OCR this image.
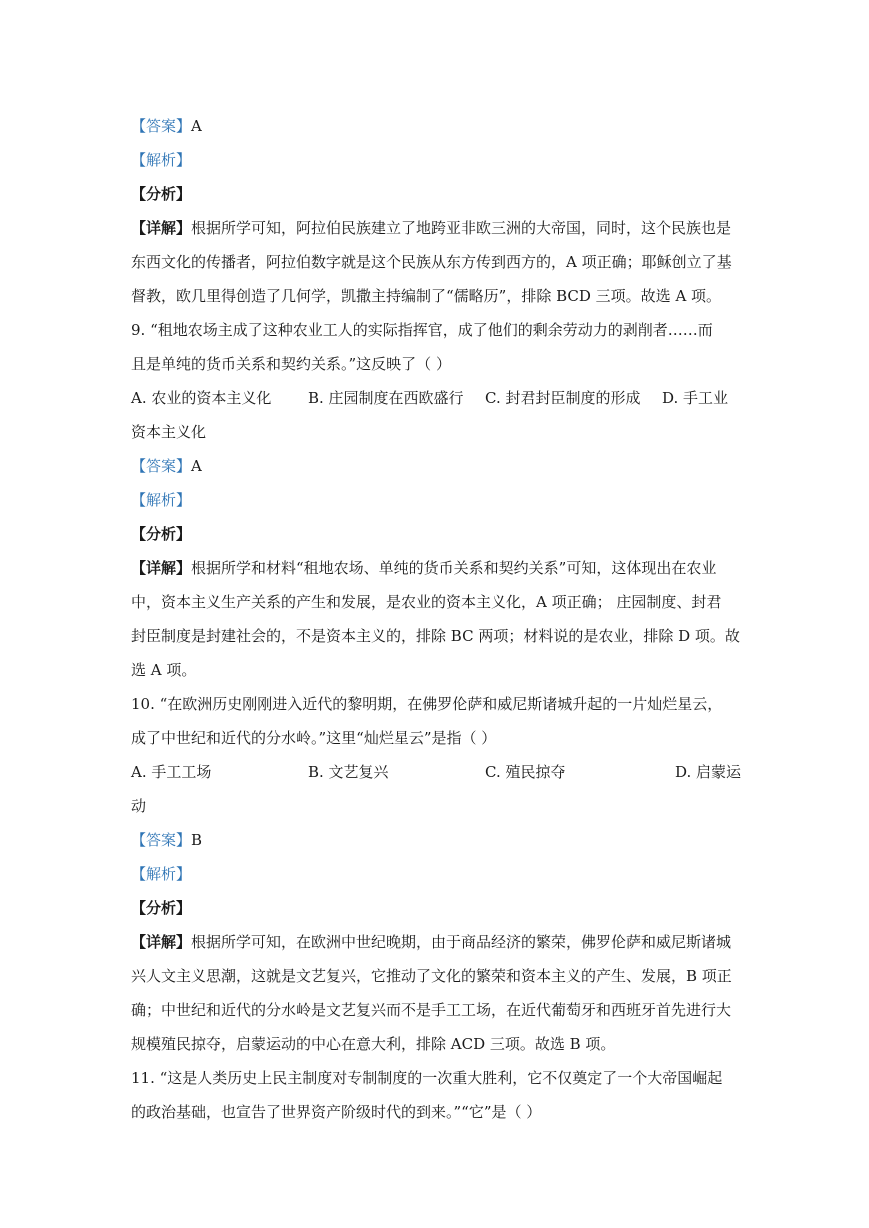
【答案】A
【解析】
【分析】
【详解】根据所学可知，阿拉伯民族建立了地跨亚非欧三洲的大帝国，同时，这个民族也是
东西文化的传播者，阿拉伯数字就是这个民族从东方传到西方的，A 项正确；耶稣创立了基
督教，欧几里得创造了几何学，凯撒主持编制了“儒略历”，排除 BCD 三项。故选 A 项。
9. “租地农场主成了这种农业工人的实际指挥官，成了他们的剩余劳动力的剥削者……而
且是单纯的货币关系和契约关系。”这反映了（ ）
A. 农业的资本主义化	B. 庄园制度在西欧盛行	C. 封君封臣制度的形成	D. 手工业
资本主义化
【答案】A
【解析】
【分析】
【详解】根据所学和材料“租地农场、单纯的货币关系和契约关系”可知，这体现出在农业
中，资本主义生产关系的产生和发展，是农业的资本主义化，A 项正确； 庄园制度、封君
封臣制度是封建社会的，不是资本主义的，排除 BC 两项；材料说的是农业，排除 D 项。故
选 A 项。
10. “在欧洲历史刚刚进入近代的黎明期，在佛罗伦萨和威尼斯诸城升起的一片灿烂星云，
成了中世纪和近代的分水岭。”这里“灿烂星云”是指（ ）
A. 手工工场	B. 文艺复兴	C. 殖民掠夺	D. 启蒙运
动
【答案】B
【解析】
【分析】
【详解】根据所学可知，在欧洲中世纪晚期，由于商品经济的繁荣，佛罗伦萨和威尼斯诸城
兴人文主义思潮，这就是文艺复兴，它推动了文化的繁荣和资本主义的产生、发展，B 项正
确；中世纪和近代的分水岭是文艺复兴而不是手工工场，在近代葡萄牙和西班牙首先进行大
规模殖民掠夺，启蒙运动的中心在意大利，排除 ACD 三项。故选 B 项。
11. “这是人类历史上民主制度对专制制度的一次重大胜利，它不仅奠定了一个大帝国崛起
的政治基础，也宣告了世界资产阶级时代的到来。”“它”是（ ）
